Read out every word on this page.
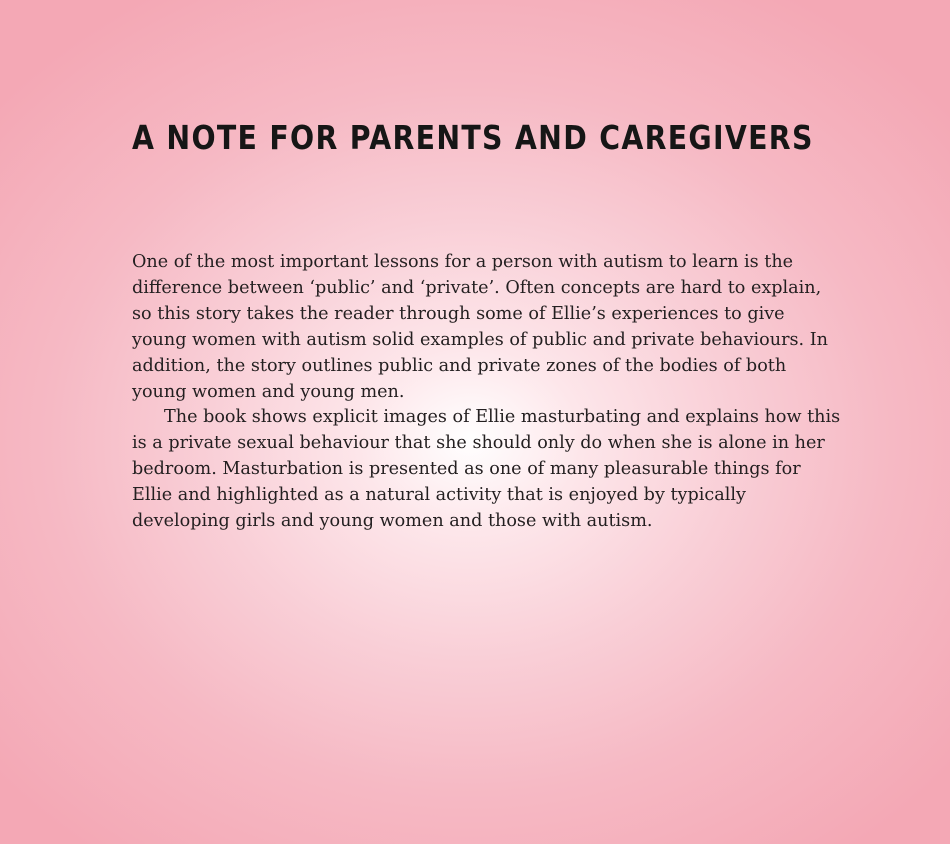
A NOTE FOR PARENTS AND CAREGIVERS

One of the most important lessons for a person with autism to learn is the difference between ‘public’ and ‘private’. Often concepts are hard to explain, so this story takes the reader through some of Ellie’s experiences to give young women with autism solid examples of public and private behaviours. In addition, the story outlines public and private zones of the bodies of both young women and young men.

The book shows explicit images of Ellie masturbating and explains how this is a private sexual behaviour that she should only do when she is alone in her bedroom. Masturbation is presented as one of many pleasurable things for Ellie and highlighted as a natural activity that is enjoyed by typically developing girls and young women and those with autism.
